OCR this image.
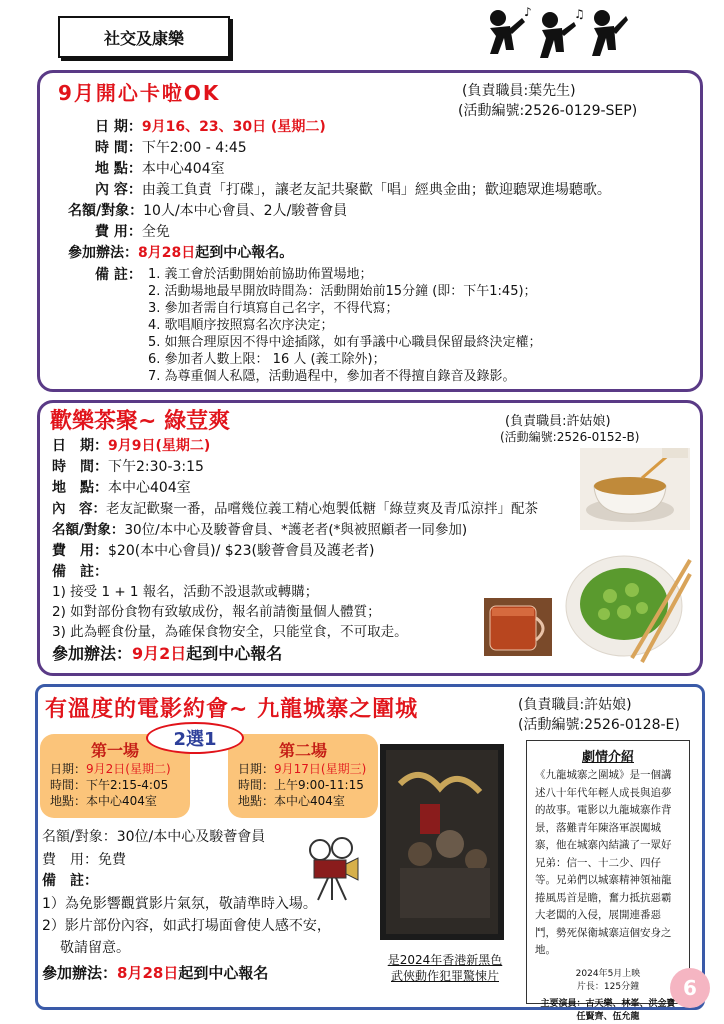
社交及康樂
♪	♫
9月開心卡啦OK	(負責職員:葉先生)
(活動編號:2526-0129-SEP)
日 期：9月16、23、30日 (星期二)
時 間：下午2:00 - 4:45
地 點：本中心404室
內 容：由義工負責「打碟」，讓老友記共聚歡「唱」經典金曲；歡迎聽眾進場聽歌。
名額/對象：10人/本中心會員、2人/駿薈會員
費 用：全免
參加辦法：8月28日起到中心報名。
備 註： 1. 義工會於活動開始前協助佈置場地；
2. 活動場地最早開放時間為：活動開始前15分鐘 (即：下午1:45)；
3. 參加者需自行填寫自己名字，不得代寫；
4. 歌唱順序按照寫名次序決定；
5. 如無合理原因不得中途插隊，如有爭議中心職員保留最終決定權；
6. 參加者人數上限： 16 人 (義工除外)；
7. 為尊重個人私隱，活動過程中，參加者不得擅自錄音及錄影。
歡樂茶聚~ 綠荳爽	(負責職員:許姑娘)
(活動編號:2526-0152-B)
日　期：9月9日(星期二)
時　間：下午2:30-3:15
地　點：本中心404室
內　容：老友記歡聚一番，品嚐幾位義工精心炮製低糖「綠荳爽及青瓜涼拌」配茶
名額/對象：30位/本中心及駿薈會員、*護老者(*與被照顧者一同參加)
費　用：$20(本中心會員)/ $23(駿薈會員及護老者)
備　註：
1) 接受 1 + 1 報名，活動不設退款或轉購；
2) 如對部份食物有致敏成份，報名前請衡量個人體質；
3) 此為輕食份量，為確保食物安全，只能堂食，不可取走。
參加辦法：9月2日起到中心報名
有溫度的電影約會~ 九龍城寨之圍城	(負責職員:許姑娘)
(活動編號:2526-0128-E)
第一場
日期：9月2日(星期二)
時間：下午2:15-4:05
地點：本中心404室
第二場
日期：9月17日(星期三)
時間：上午9:00-11:15
地點：本中心404室
2選1
名額/對象：30位/本中心及駿薈會員
費　用：免費
備　註：
1）為免影響觀賞影片氣氛，敬請準時入場。
2）影片部份內容，如武打場面會使人感不安，
敬請留意。
參加辦法：8月28日起到中心報名
是2024年香港新黑色
武俠動作犯罪驚悚片
劇情介紹
《九龍城寨之圍城》是一個講述八十年代年輕人成長與追夢的故事。電影以九龍城寨作背景，落難青年陳洛軍誤闖城寨，他在城寨內結識了一眾好兄弟：信一、十二少、四仔等。兄弟們以城寨精神領袖龍捲風馬首是瞻，奮力抵抗惡霸大老闆的入侵，展開連番惡鬥，勢死保衛城寨這個安身之地。
2024年5月上映
片長：125分鐘
主要演員：古天樂、林峯、洪金寶
任賢齊、伍允龍
6
